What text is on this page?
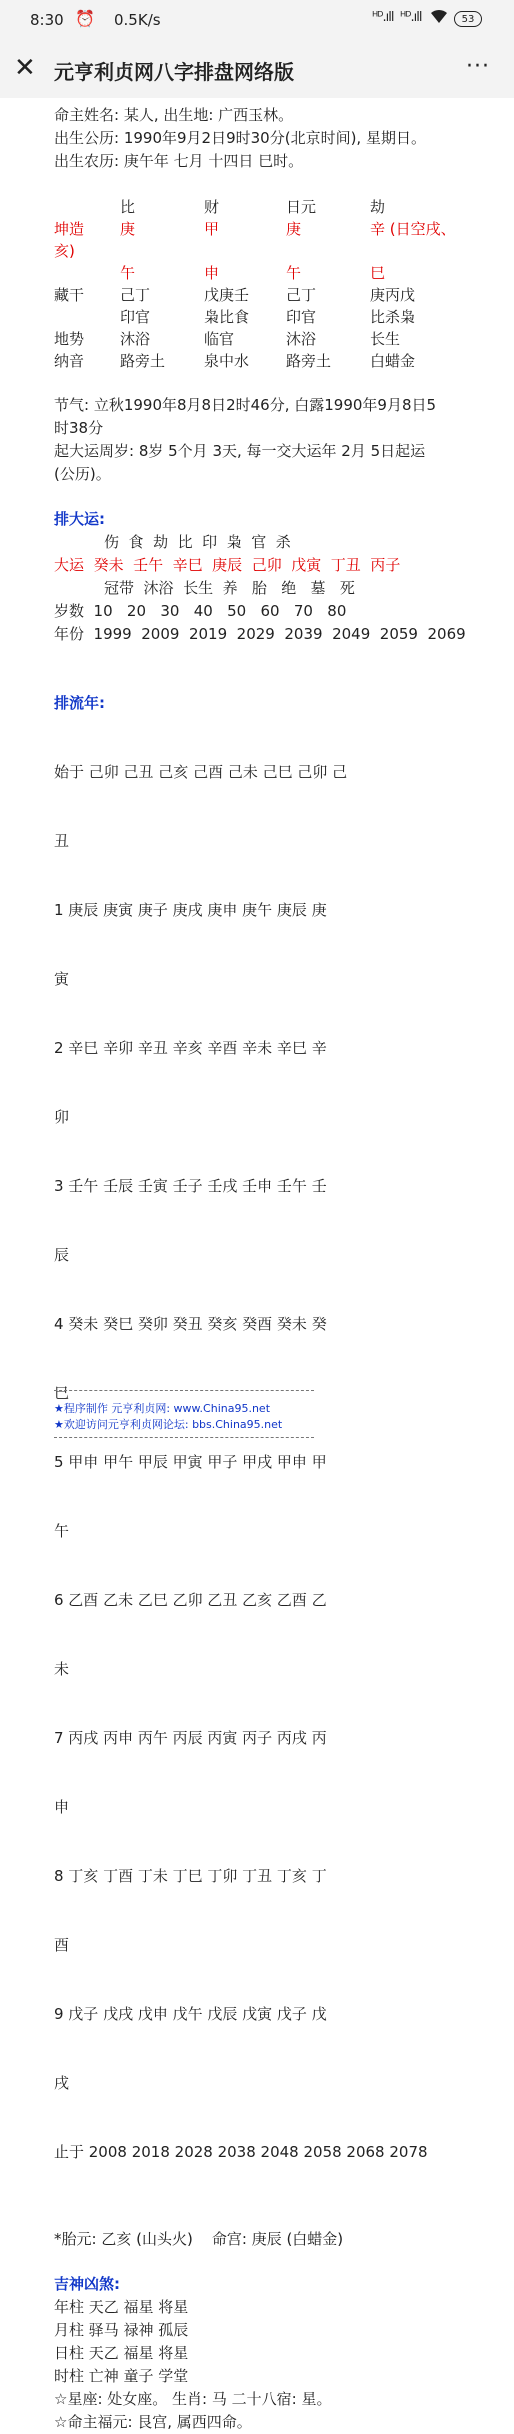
8:30 ⏰ 0.5K/s	ᴴᴰ.ıll ᴴᴰ.ıll	53
✕ 元亨利贞网八字排盘网络版	···
命主姓名: 某人, 出生地: 广西玉林。
出生公历: 1990年9月2日9时30分(北京时间), 星期日。
出生农历: 庚午年 七月 十四日 巳时。
比	财	日元	劫
坤造 庚	甲	庚	辛 (日空戌、
亥)
午	申	午	巳
藏干 己丁	戊庚壬 己丁	庚丙戊
印官	枭比食 印官	比杀枭
地势 沐浴	临官	沐浴	长生
纳音 路旁土	泉中水 路旁土	白蜡金
节气: 立秋1990年8月8日2时46分, 白露1990年9月8日5
时38分
起大运周岁: 8岁 5个月 3天, 每一交大运年 2月 5日起运
(公历)。
排大运:
伤  食  劫  比  印  枭  官  杀
大运 癸未  壬午  辛巳  庚辰  己卯  戊寅  丁丑  丙子
冠带  沐浴  长生  养   胎   绝   墓   死
岁数  10   20   30   40   50   60   70   80
年份  1999  2009  2019  2029  2039  2049  2059  2069

排流年:

始于 己卯 己丑 己亥 己酉 己未 己巳 己卯 己

丑

1 庚辰 庚寅 庚子 庚戌 庚申 庚午 庚辰 庚

寅

2 辛巳 辛卯 辛丑 辛亥 辛酉 辛未 辛巳 辛

卯

3 壬午 壬辰 壬寅 壬子 壬戌 壬申 壬午 壬

辰

4 癸未 癸巳 癸卯 癸丑 癸亥 癸酉 癸未 癸

巳

5 甲申 甲午 甲辰 甲寅 甲子 甲戌 甲申 甲

午

6 乙酉 乙未 乙巳 乙卯 乙丑 乙亥 乙酉 乙

未

7 丙戌 丙申 丙午 丙辰 丙寅 丙子 丙戌 丙

申

8 丁亥 丁酉 丁未 丁巳 丁卯 丁丑 丁亥 丁

酉

9 戊子 戊戌 戊申 戊午 戊辰 戊寅 戊子 戊

戌

止于 2008 2018 2028 2038 2048 2058 2068 2078

*胎元: 乙亥 (山头火)    命宫: 庚辰 (白蜡金)
吉神凶煞:
年柱 天乙 福星 将星
月柱 驿马 禄神 孤辰
日柱 天乙 福星 将星
时柱 亡神 童子 学堂
☆星座: 处女座。 生肖: 马 二十八宿: 星。
☆命主福元: 艮宫, 属西四命。
★程序制作 元亨利贞网: www.China95.net
★欢迎访问元亨利贞网论坛: bbs.China95.net
